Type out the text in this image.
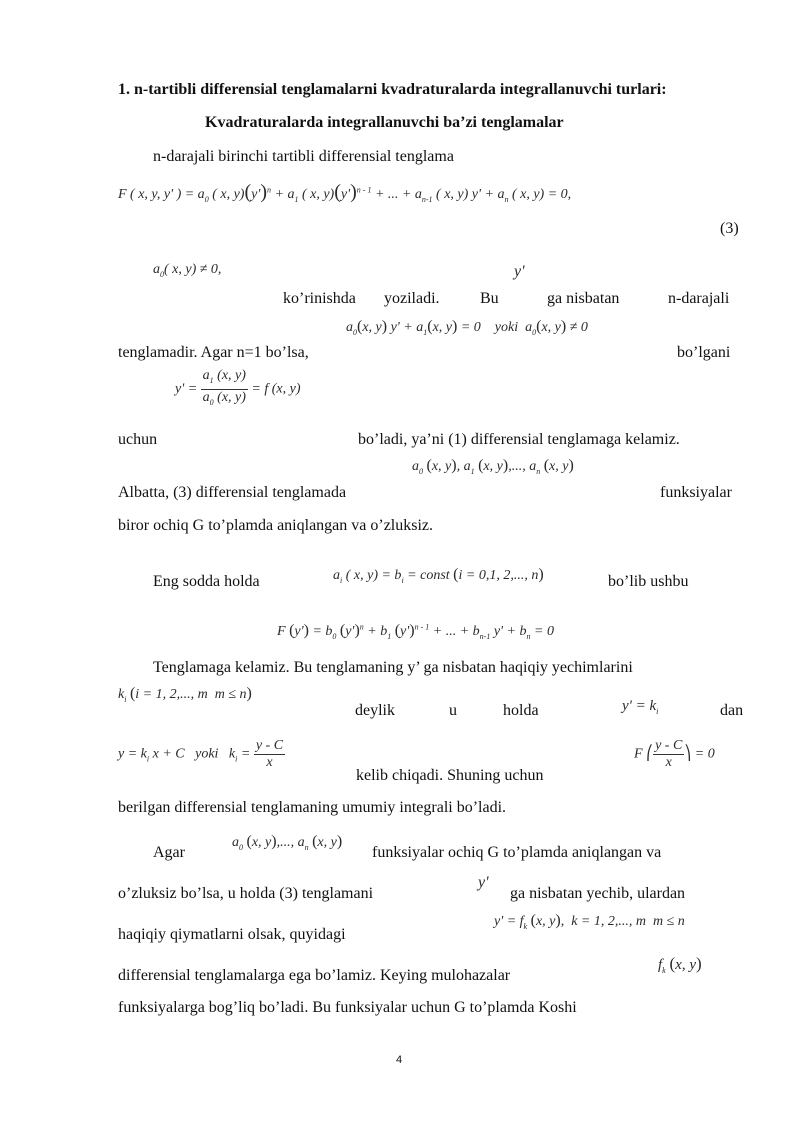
1. n-tartibli differensial tenglamalarni kvadraturalarda integrallanuvchi turlari:
Kvadraturalarda integrallanuvchi ba’zi tenglamalar
n-darajali birinchi tartibli differensial tenglama
F ( x, y, y' ) = $a_0$ ( x, $y)(y')^n + a_1$ ( x, $y)(y')^{n - 1}$ + ... + $a_{n-1}$ ( x, y) $y' + a_n$ ( x, y) = 0,
(3)
$a_0$( x, y) ≠ 0,	y'
ko’rinishda yoziladi.	Bu	ga nisbatan	n-darajali
$a_0(x$, y) $y' + a_1(x$, y) = 0    yoki  $a_0(x$, y) ≠ 0
tenglamadir. Agar n=1 bo’lsa,	bo’lgani
$y' = \frac{a_1 (x, y)}{a_0 (x, y)} = f$ (x, y)
uchun	bo’ladi, ya’ni (1) differensial tenglamaga kelamiz.
$a_0$ (x, y), $a_1$ (x, y),..., $a_n$ (x, y)
Albatta, (3) differensial tenglamada	funksiyalar
biror ochiq G to’plamda aniqlangan va o’zluksiz.
Eng sodda holda	$a_i$ ( x, $y) = b_i$ = const (i = 0,1, 2,..., n)	bo’lib ushbu
F $(y') = b_0$ $(y')^n + b_1$ $(y')^{n - 1}$ + ... + $b_{n-1}$ $y' + b_n = 0$
Tenglamaga kelamiz. Bu tenglamaning y’ ga nisbatan haqiqiy yechimlarini
$k_i$ (i = 1, 2,..., m  m ≤ n)
deylik	u	holda	$y' = k_i$	dan
$y = k_i$ x + C   yoki   $k_i = \frac{y - C}{x}$
kelib chiqadi. Shuning uchun
F ⎛ $\frac{y - C}{x}$ ⎞ = 0
berilgan differensial tenglamaning umumiy integrali bo’ladi.
Agar
$a_0$ (x, y),..., $a_n$ (x, y)
funksiyalar ochiq G to’plamda aniqlangan va
o’zluksiz bo’lsa, u holda (3) tenglamani
y'
ga nisbatan yechib, ulardan
haqiqiy qiymatlarni olsak, quyidagi
$y' = f_k$ (x, y),  k = 1, 2,..., m  m ≤ n
differensial tenglamalarga ega bo’lamiz. Keying mulohazalar
$f_k$ (x, y)
funksiyalarga bog’liq bo’ladi. Bu funksiyalar uchun G to’plamda Koshi
4
